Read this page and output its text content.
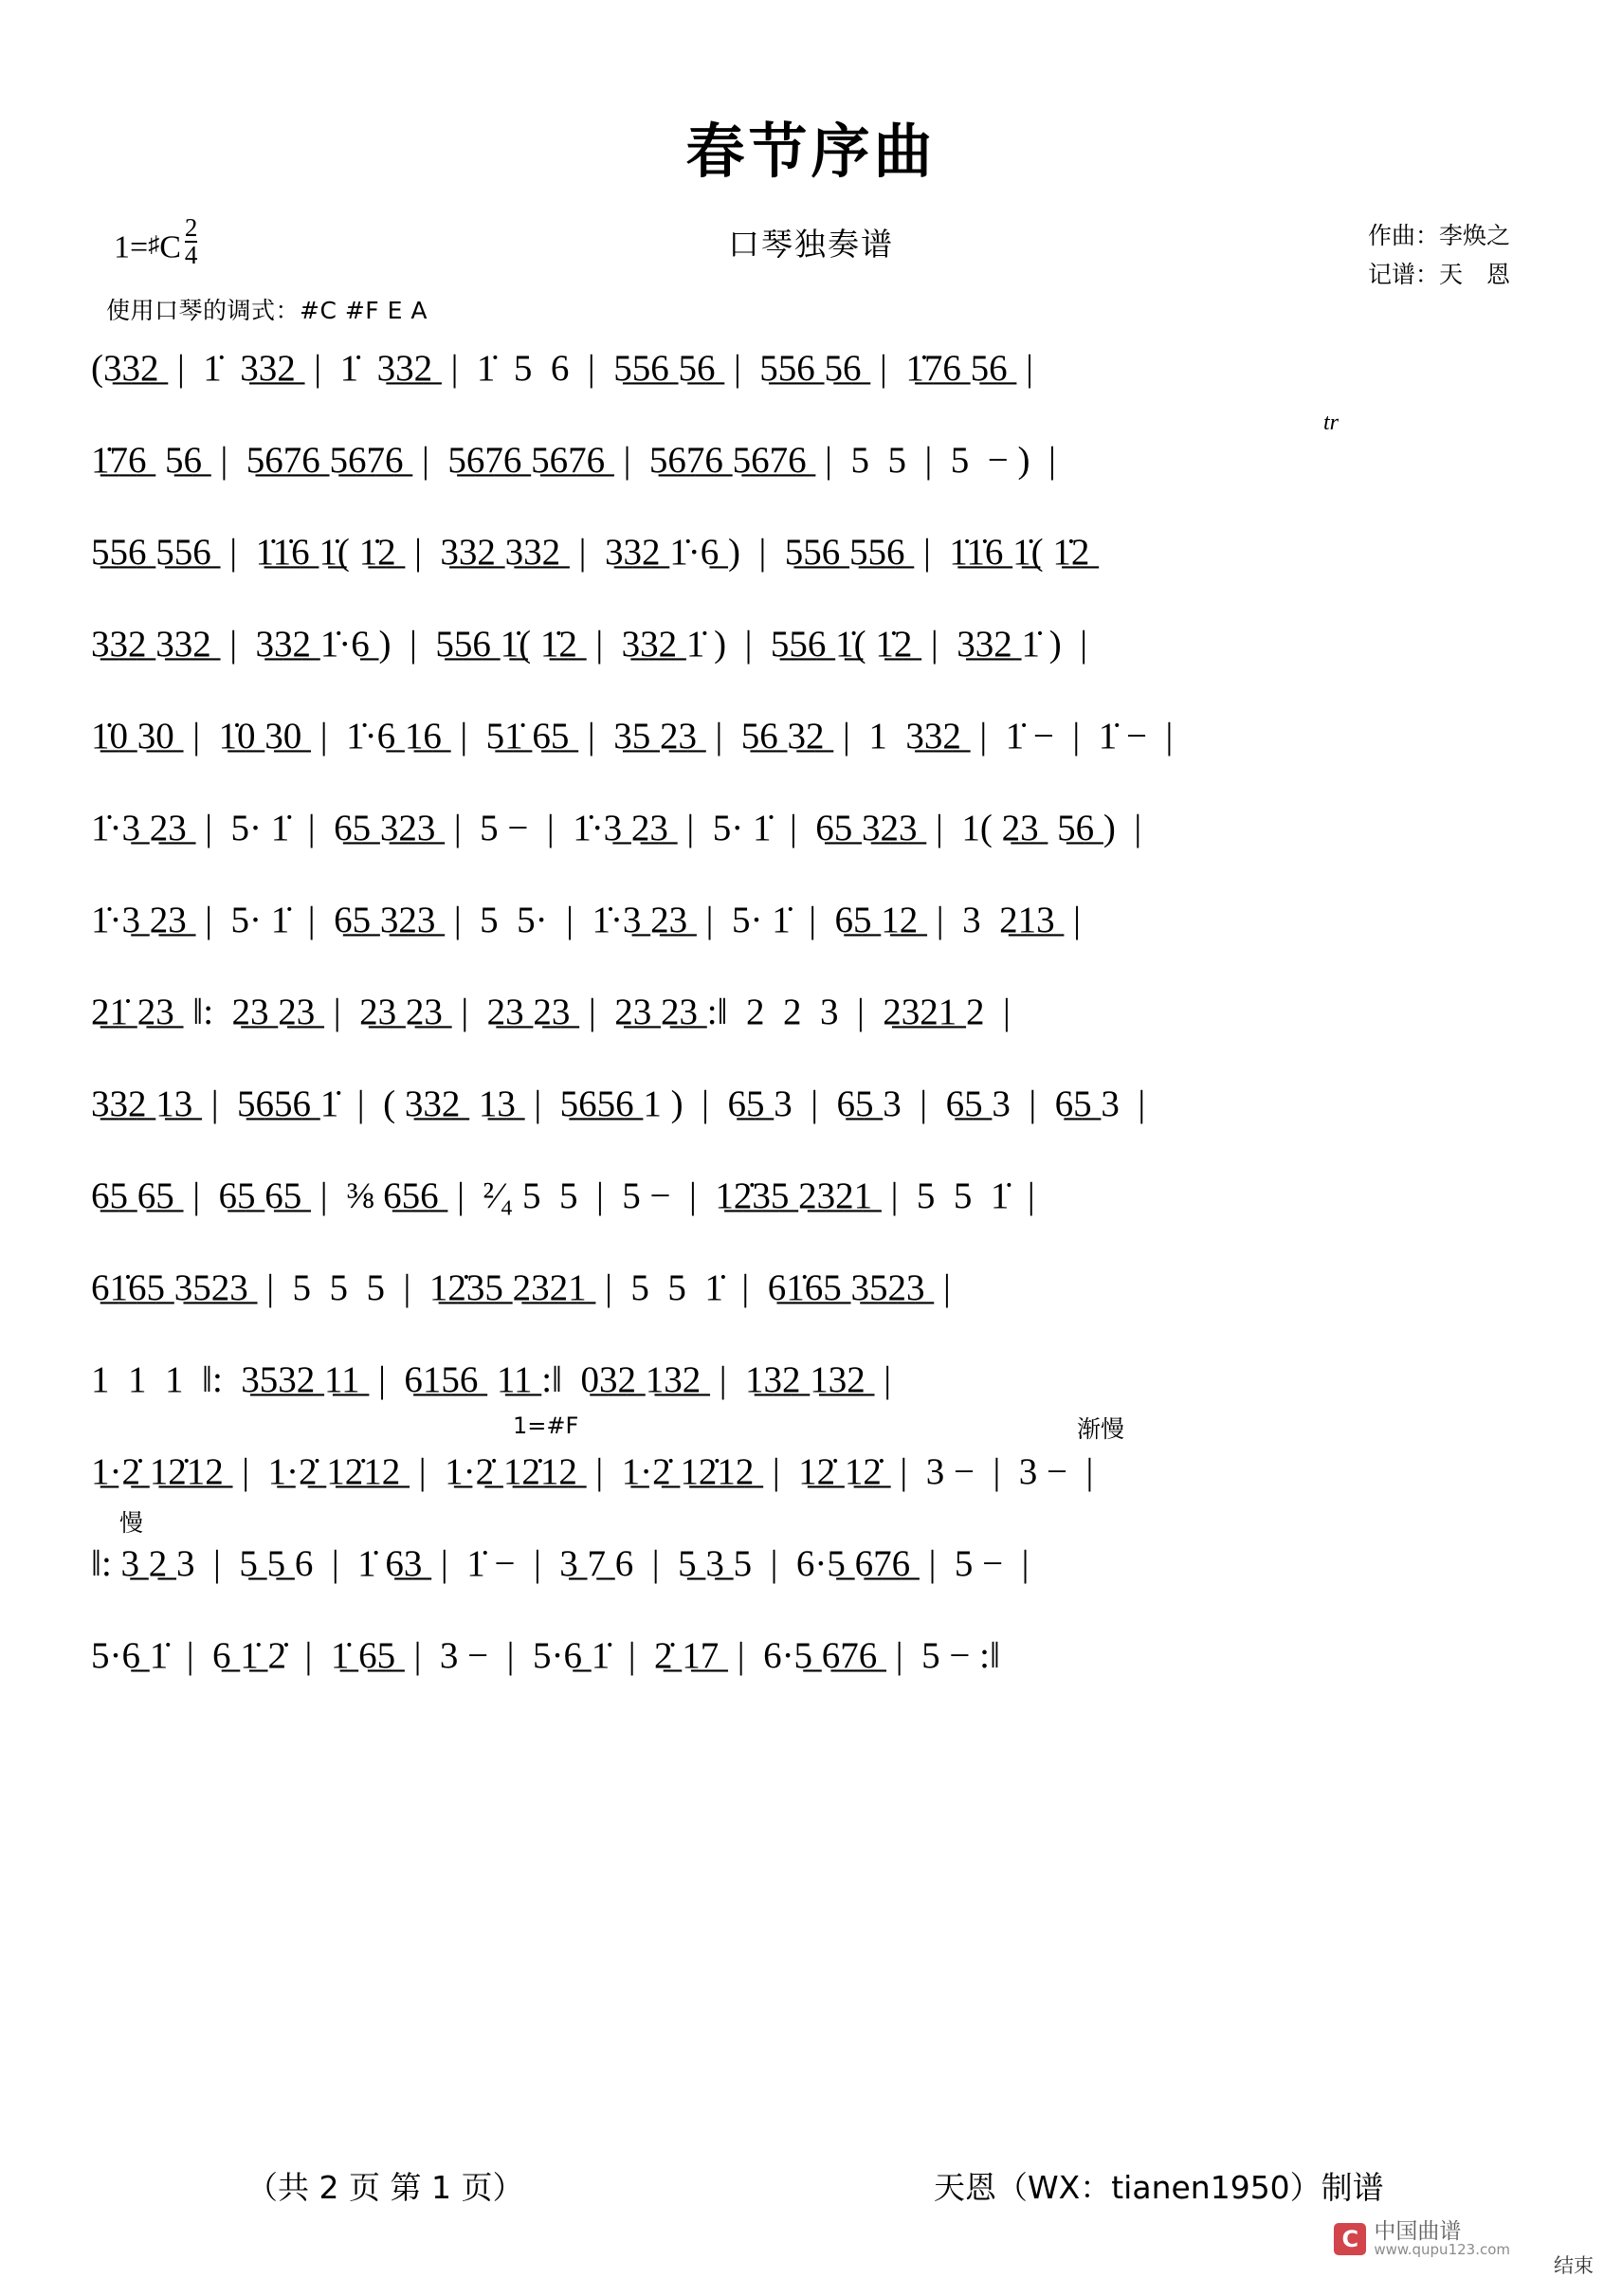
春节序曲
口琴独奏谱
1=♯C $\frac{2}{4}$
使用口琴的调式：#C #F E A
作曲：李焕之
记谱：天　恩
(3̲3̲2̲  |  1̇  3̲3̲2̲  |  1̇  3̲3̲2̲  |  1̇  5  6  |  5̲5̲6̲ 5̲6̲  |  5̲5̲6̲ 5̲6̲  |  1̲̇7̲6̲ 5̲6̲  |
1̲̇7̲6̲  5̲6̲  |  5̲6̲7̲6̲ 5̲6̲7̲6̲  |  5̲6̲7̲6̲ 5̲6̲7̲6̲  |  5̲6̲7̲6̲ 5̲6̲7̲6̲  |  5  5  |  5  − )  |
tr
5̲5̲6̲ 5̲5̲6̲  |  1̲̇1̲̇6̲ 1̲̇( 1̲̇2̲  |  3̲3̲2̲ 3̲3̲2̲  |  3̲3̲2̲ 1̇·6̲ )  |  5̲5̲6̲ 5̲5̲6̲  |  1̲̇1̲̇6̲ 1̲̇( 1̲̇2̲
3̲3̲2̲ 3̲3̲2̲  |  3̲3̲2̲ 1̇·6̲ )  |  5̲5̲6̲ 1̲̇( 1̲̇2̲  |  3̲3̲2̲ 1̇ )  |  5̲5̲6̲ 1̲̇( 1̲̇2̲  |  3̲3̲2̲ 1̇ )  |
1̲̇0̲ 3̲0̲  |  1̲̇0̲ 3̲0̲  |  1̇·6̲ 1̲6̲  |  5̲1̲̇ 6̲5̲  |  3̲5̲ 2̲3̲  |  5̲6̲ 3̲2̲  |  1  3̲3̲2̲  |  1̇ −  |  1̇ −  |
1̇·3̲ 2̲3̲  |  5· 1̇  |  6̲5̲ 3̲2̲3̲  |  5 −  |  1̇·3̲ 2̲3̲  |  5· 1̇  |  6̲5̲ 3̲2̲3̲  |  1( 2̲3̲  5̲6̲ )  |
1̇·3̲ 2̲3̲  |  5· 1̇  |  6̲5̲ 3̲2̲3̲  |  5  5·  |  1̇·3̲ 2̲3̲  |  5· 1̇  |  6̲5̲ 1̲2̲  |  3  2̲1̲3̲  |
2̲1̲̇ 2̲3̲  ‖:  2̲3̲ 2̲3̲  |  2̲3̲ 2̲3̲  |  2̲3̲ 2̲3̲  |  2̲3̲ 2̲3̲ :‖  2  2  3  |  2̲3̲2̲1̲ 2  |
3̲3̲2̲ 1̲3̲  |  5̲6̲5̲6̲ 1̇  |  ( 3̲3̲2̲  1̲3̲  |  5̲6̲5̲6̲ 1 )  |  6̲5̲ 3  |  6̲5̲ 3  |  6̲5̲ 3  |  6̲5̲ 3  |
6̲5̲ 6̲5̲  |  6̲5̲ 6̲5̲  |  ⅜ 6̲5̲6̲  |  ²⁄₄ 5  5  |  5 −  |  1̲2̲̇3̲5̲ 2̲3̲2̲1̲  |  5  5  1̇  |
6̲1̲̇6̲5̲ 3̲5̲2̲3̲  |  5  5  5  |  1̲2̲̇3̲5̲ 2̲3̲2̲1̲  |  5  5  1̇  |  6̲1̲̇6̲5̲ 3̲5̲2̲3̲  |
1  1  1  ‖:  3̲5̲3̲2̲ 1̲1̲  |  6̲1̲5̲6̲  1̲1̲ :‖  0̲3̲2̲ 1̲3̲2̲  |  1̲3̲2̲ 1̲3̲2̲  |
1=#F	渐慢
1̲·2̲̇ 1̲2̲̇1̲2̲  |  1̲·2̲̇ 1̲2̲̇1̲2̲  |  1̲·2̲̇ 1̲2̲̇1̲2̲  |  1̲·2̲̇ 1̲2̲̇1̲2̲  |  1̲2̲̇ 1̲2̲̇  |  3 −  |  3 −  |
慢
‖: 3̲ 2̲ 3  |  5̲ 5̲ 6  |  1̇ 6̲3̲  |  1̇ −  |  3̲ 7̲ 6  |  5̲ 3̲ 5  |  6·5̲ 6̲7̲6̲  |  5 −  |
5·6̲ 1̇  |  6̲ 1̲̇ 2̇  |  1̲̇ 6̲5̲  |  3 −  |  5·6̲ 1̇  |  2̲̇ 1̲7̲  |  6·5̲ 6̲7̲6̲  |  5 − :‖
（共 2 页 第 1 页）	天恩（WX：tianen1950）制谱
C 中国曲谱
www.qupu123.com
结束
